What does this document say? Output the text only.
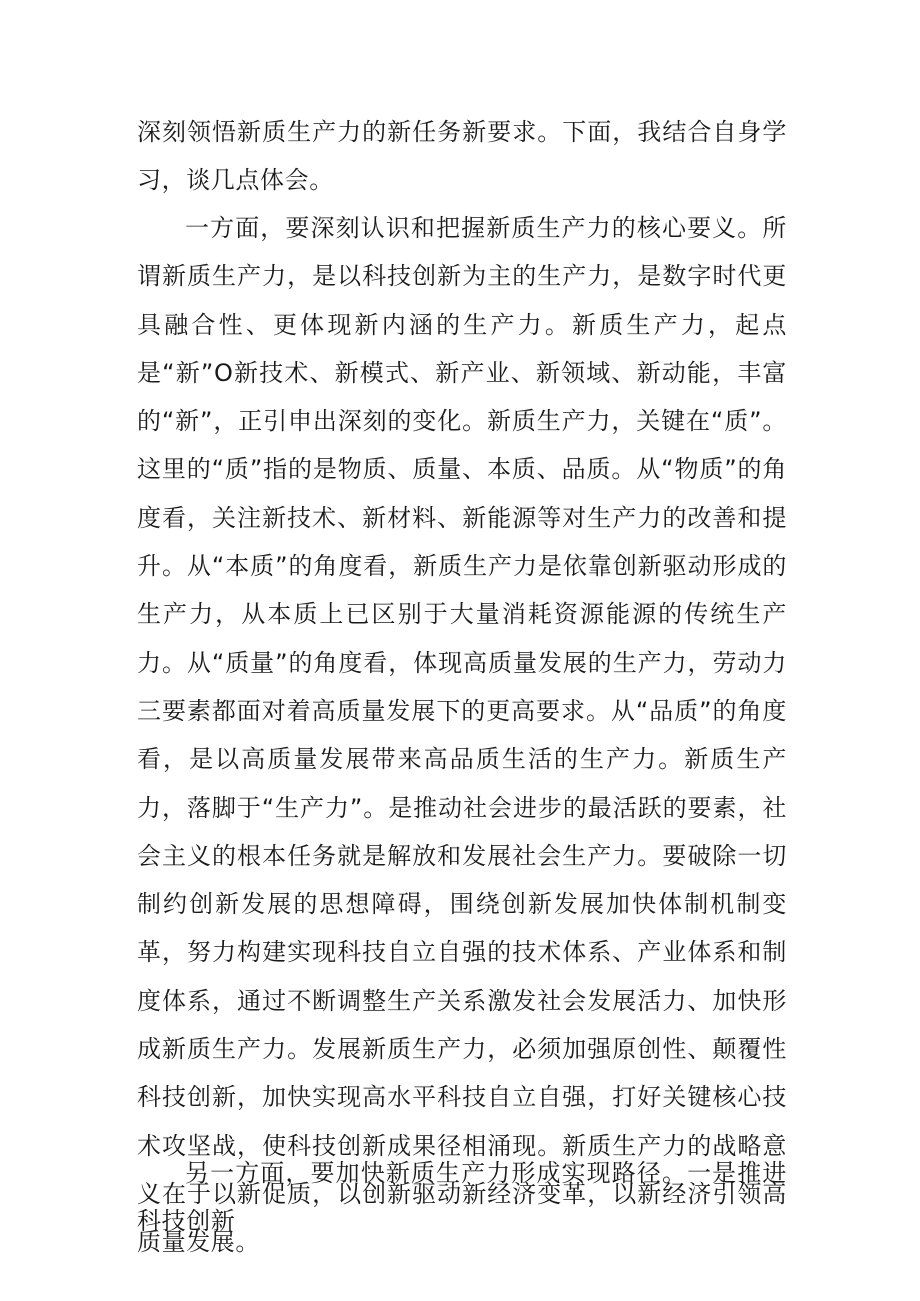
深刻领悟新质生产力的新任务新要求。下面，我结合自身学习，谈几点体会。

一方面，要深刻认识和把握新质生产力的核心要义。所谓新质生产力，是以科技创新为主的生产力，是数字时代更具融合性、更体现新内涵的生产力。新质生产力，起点是“新”O新技术、新模式、新产业、新领域、新动能，丰富的“新”，正引申出深刻的变化。新质生产力，关键在“质”。这里的“质”指的是物质、质量、本质、品质。从“物质”的角度看，关注新技术、新材料、新能源等对生产力的改善和提升。从“本质”的角度看，新质生产力是依靠创新驱动形成的生产力，从本质上已区别于大量消耗资源能源的传统生产力。从“质量”的角度看，体现高质量发展的生产力，劳动力三要素都面对着高质量发展下的更高要求。从“品质”的角度看，是以高质量发展带来高品质生活的生产力。新质生产力，落脚于“生产力”。是推动社会进步的最活跃的要素，社会主义的根本任务就是解放和发展社会生产力。要破除一切制约创新发展的思想障碍，围绕创新发展加快体制机制变革，努力构建实现科技自立自强的技术体系、产业体系和制度体系，通过不断调整生产关系激发社会发展活力、加快形成新质生产力。发展新质生产力，必须加强原创性、颠覆性科技创新，加快实现高水平科技自立自强，打好关键核心技术攻坚战，使科技创新成果径相涌现。新质生产力的战略意义在于以新促质，以创新驱动新经济变革，以新经济引领高质量发展。

另一方面，要加快新质生产力形成实现路径。一是推进科技创新
